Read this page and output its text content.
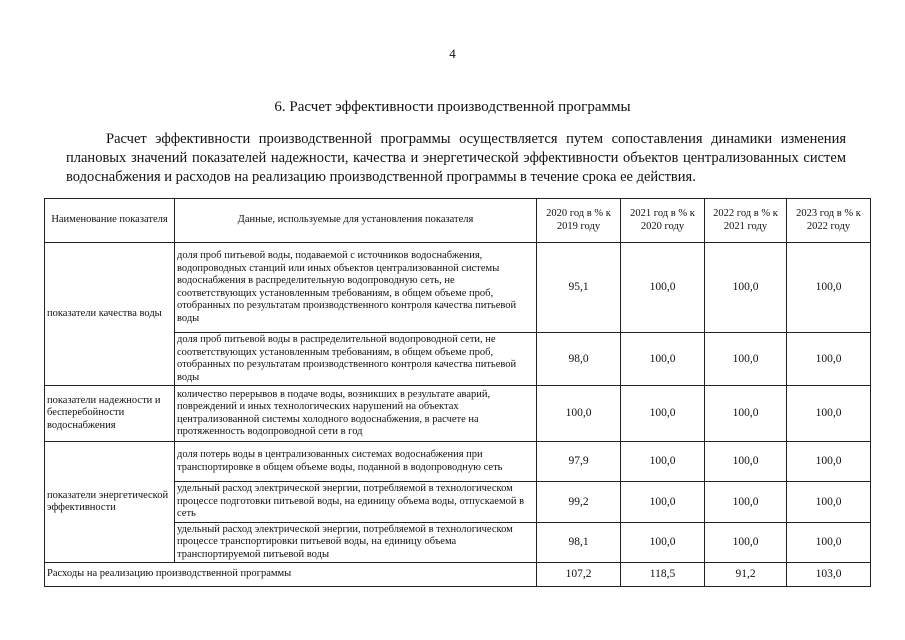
4
6. Расчет эффективности производственной программы
Расчет эффективности производственной программы осуществляется путем сопоставления динамики изменения плановых значений показателей надежности, качества и энергетической эффективности объектов централизованных систем водоснабжения и расходов на реализацию производственной программы в течение срока ее действия.
Наименование показателя	Данные, используемые для установления показателя	2020 год в % к 2019 году	2021 год в % к 2020 году	2022 год в % к 2021 году	2023 год в % к 2022 году
показатели качества воды	доля проб питьевой воды, подаваемой с источников водоснабжения, водопроводных станций или иных объектов централизованной системы водоснабжения в распределительную водопроводную сеть, не соответствующих установленным требованиям, в общем объеме проб, отобранных по результатам производственного контроля качества питьевой воды	95,1	100,0	100,0	100,0
	доля проб питьевой воды в распределительной водопроводной сети, не соответствующих установленным требованиям, в общем объеме проб, отобранных по результатам производственного контроля качества питьевой воды	98,0	100,0	100,0	100,0
показатели надежности и бесперебойности водоснабжения	количество перерывов в подаче воды, возникших в результате аварий, повреждений и иных технологических нарушений на объектах централизованной системы холодного водоснабжения, в расчете на протяженность водопроводной сети в год	100,0	100,0	100,0	100,0
показатели энергетической эффективности	доля потерь воды в централизованных системах водоснабжения при транспортировке в общем объеме воды, поданной в водопроводную сеть	97,9	100,0	100,0	100,0
	удельный расход электрической энергии, потребляемой в технологическом процессе подготовки питьевой воды, на единицу объема воды, отпускаемой в сеть	99,2	100,0	100,0	100,0
	удельный расход электрической энергии, потребляемой в технологическом процессе транспортировки питьевой воды, на единицу объема транспортируемой питьевой воды	98,1	100,0	100,0	100,0
Расходы на реализацию производственной программы		107,2	118,5	91,2	103,0
